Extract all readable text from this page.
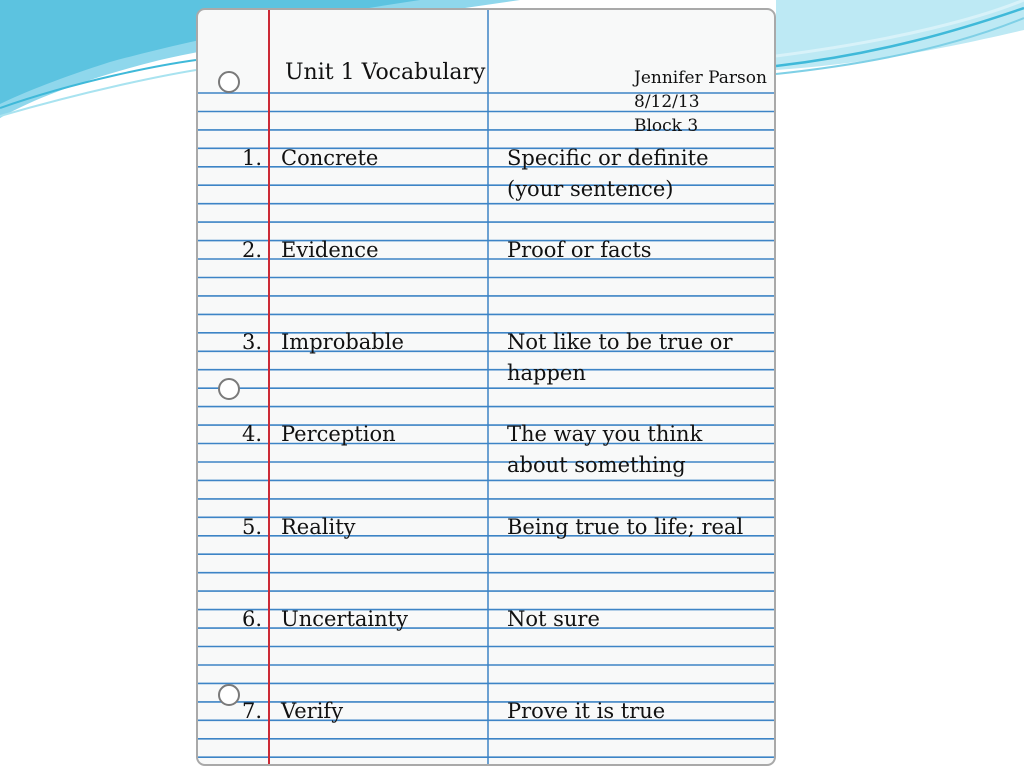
Unit 1 Vocabulary	Jennifer Parson
8/12/13
Block 3
1. Concrete	Specific or definite (your sentence)
2. Evidence	Proof or facts
3. Improbable	Not like to be true or happen
4. Perception	The way you think about something
5. Reality	Being true to life; real
6. Uncertainty	Not sure
7. Verify	Prove it is true
